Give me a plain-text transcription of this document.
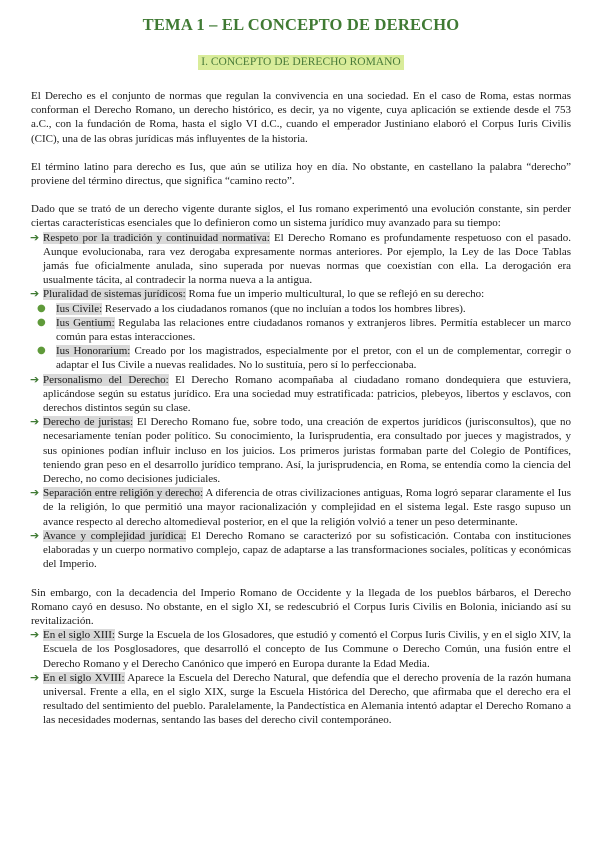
TEMA 1 – EL CONCEPTO DE DERECHO
I. CONCEPTO DE DERECHO ROMANO

El Derecho es el conjunto de normas que regulan la convivencia en una sociedad. En el caso de Roma, estas normas conforman el Derecho Romano, un derecho histórico, es decir, ya no vigente, cuya aplicación se extiende desde el 753 a.C., con la fundación de Roma, hasta el siglo VI d.C., cuando el emperador Justiniano elaboró el Corpus Iuris Civilis (CIC), una de las obras jurídicas más influyentes de la historia.

El término latino para derecho es Ius, que aún se utiliza hoy en día. No obstante, en castellano la palabra “derecho” proviene del término directus, que significa “camino recto”.

Dado que se trató de un derecho vigente durante siglos, el Ius romano experimentó una evolución constante, sin perder ciertas características esenciales que lo definieron como un sistema jurídico muy avanzado para su tiempo:

➔ Respeto por la tradición y continuidad normativa: El Derecho Romano es profundamente respetuoso con el pasado. Aunque evolucionaba, rara vez derogaba expresamente normas anteriores. Por ejemplo, la Ley de las Doce Tablas jamás fue oficialmente anulada, sino superada por nuevas normas que coexistían con ella. La derogación era usualmente tácita, al contradecir la norma nueva a la antigua.
➔ Pluralidad de sistemas jurídicos: Roma fue un imperio multicultural, lo que se reflejó en su derecho:
● Ius Civile: Reservado a los ciudadanos romanos (que no incluían a todos los hombres libres).
● Ius Gentium: Regulaba las relaciones entre ciudadanos romanos y extranjeros libres. Permitía establecer un marco común para estas interacciones.
● Ius Honorarium: Creado por los magistrados, especialmente por el pretor, con el un de complementar, corregir o adaptar el Ius Civile a nuevas realidades. No lo sustituía, pero sí lo perfeccionaba.
➔ Personalismo del Derecho: El Derecho Romano acompañaba al ciudadano romano dondequiera que estuviera, aplicándose según su estatus jurídico. Era una sociedad muy estratificada: patricios, plebeyos, libertos y esclavos, con derechos distintos según su clase.
➔ Derecho de juristas: El Derecho Romano fue, sobre todo, una creación de expertos jurídicos (jurisconsultos), que no necesariamente tenían poder político. Su conocimiento, la Iurisprudentia, era consultado por jueces y magistrados, y sus opiniones podían influir incluso en los juicios. Los primeros juristas formaban parte del Colegio de Pontífices, teniendo gran peso en el desarrollo jurídico temprano. Así, la jurisprudencia, en Roma, se entendía como la ciencia del Derecho, no como decisiones judiciales.
➔ Separación entre religión y derecho: A diferencia de otras civilizaciones antiguas, Roma logró separar claramente el Ius de la religión, lo que permitió una mayor racionalización y complejidad en el sistema legal. Este rasgo supuso un avance respecto al derecho altomedieval posterior, en el que la religión volvió a tener un peso determinante.
➔ Avance y complejidad jurídica: El Derecho Romano se caracterizó por su sofisticación. Contaba con instituciones elaboradas y un cuerpo normativo complejo, capaz de adaptarse a las transformaciones sociales, políticas y económicas del Imperio.

Sin embargo, con la decadencia del Imperio Romano de Occidente y la llegada de los pueblos bárbaros, el Derecho Romano cayó en desuso. No obstante, en el siglo XI, se redescubrió el Corpus Iuris Civilis en Bolonia, iniciando así su revitalización.

➔ En el siglo XIII: Surge la Escuela de los Glosadores, que estudió y comentó el Corpus Iuris Civilis, y en el siglo XIV, la Escuela de los Posglosadores, que desarrolló el concepto de Ius Commune o Derecho Común, una fusión entre el Derecho Romano y el Derecho Canónico que imperó en Europa durante la Edad Media.
➔ En el siglo XVIII: Aparece la Escuela del Derecho Natural, que defendía que el derecho provenía de la razón humana universal. Frente a ella, en el siglo XIX, surge la Escuela Histórica del Derecho, que afirmaba que el derecho era el resultado del sentimiento del pueblo. Paralelamente, la Pandectística en Alemania intentó adaptar el Derecho Romano a las necesidades modernas, sentando las bases del derecho civil contemporáneo.
